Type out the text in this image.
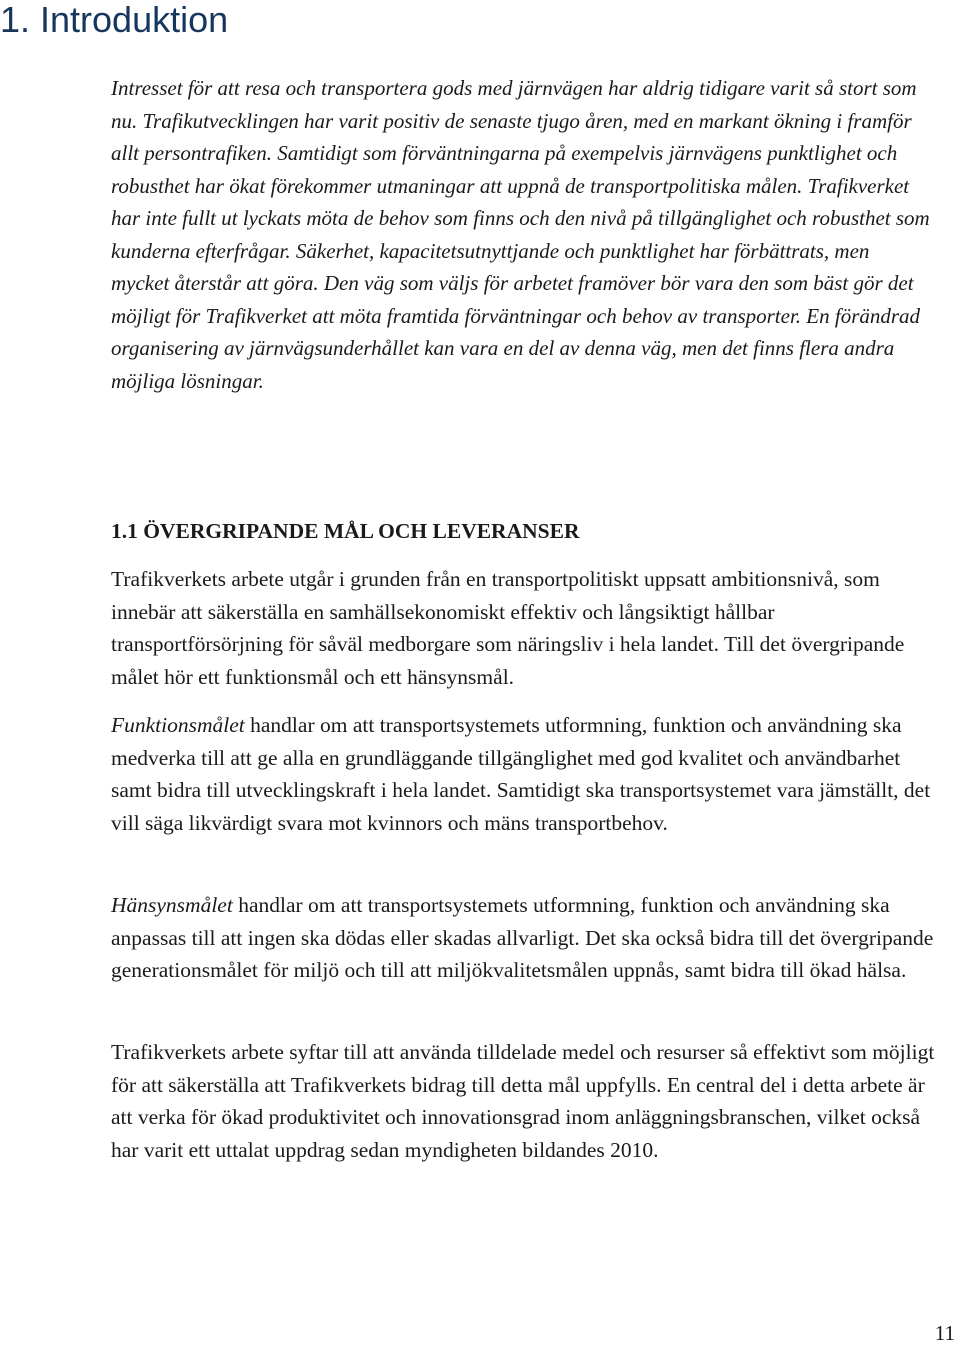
1. Introduktion

Intresset för att resa och transportera gods med järnvägen har aldrig tidigare varit så stort som nu. Trafikutvecklingen har varit positiv de senaste tjugo åren, med en markant ökning i framför allt persontrafiken. Samtidigt som förväntningarna på exempelvis järnvägens punktlighet och robusthet har ökat förekommer utmaningar att uppnå de transportpolitiska målen. Trafikverket har inte fullt ut lyckats möta de behov som finns och den nivå på tillgänglighet och robusthet som kunderna efterfrågar. Säkerhet, kapacitetsutnyttjande och punktlighet har förbättrats, men mycket återstår att göra. Den väg som väljs för arbetet framöver bör vara den som bäst gör det möjligt för Trafikverket att möta framtida förväntningar och behov av transporter. En förändrad organisering av järnvägsunderhållet kan vara en del av denna väg, men det finns flera andra möjliga lösningar.

1.1 ÖVERGRIPANDE MÅL OCH LEVERANSER

Trafikverkets arbete utgår i grunden från en transportpolitiskt uppsatt ambitionsnivå, som innebär att säkerställa en samhällsekonomiskt effektiv och långsiktigt hållbar transportförsörjning för såväl medborgare som näringsliv i hela landet. Till det övergripande målet hör ett funktionsmål och ett hänsynsmål.

Funktionsmålet handlar om att transportsystemets utformning, funktion och användning ska medverka till att ge alla en grundläggande tillgänglighet med god kvalitet och användbarhet samt bidra till utvecklingskraft i hela landet. Samtidigt ska transportsystemet vara jämställt, det vill säga likvärdigt svara mot kvinnors och mäns transportbehov.

Hänsynsmålet handlar om att transportsystemets utformning, funktion och användning ska anpassas till att ingen ska dödas eller skadas allvarligt. Det ska också bidra till det övergripande generationsmålet för miljö och till att miljökvalitetsmålen uppnås, samt bidra till ökad hälsa.

Trafikverkets arbete syftar till att använda tilldelade medel och resurser så effektivt som möjligt för att säkerställa att Trafikverkets bidrag till detta mål uppfylls. En central del i detta arbete är att verka för ökad produktivitet och innovationsgrad inom anläggningsbranschen, vilket också har varit ett uttalat uppdrag sedan myndigheten bildandes 2010.

11
